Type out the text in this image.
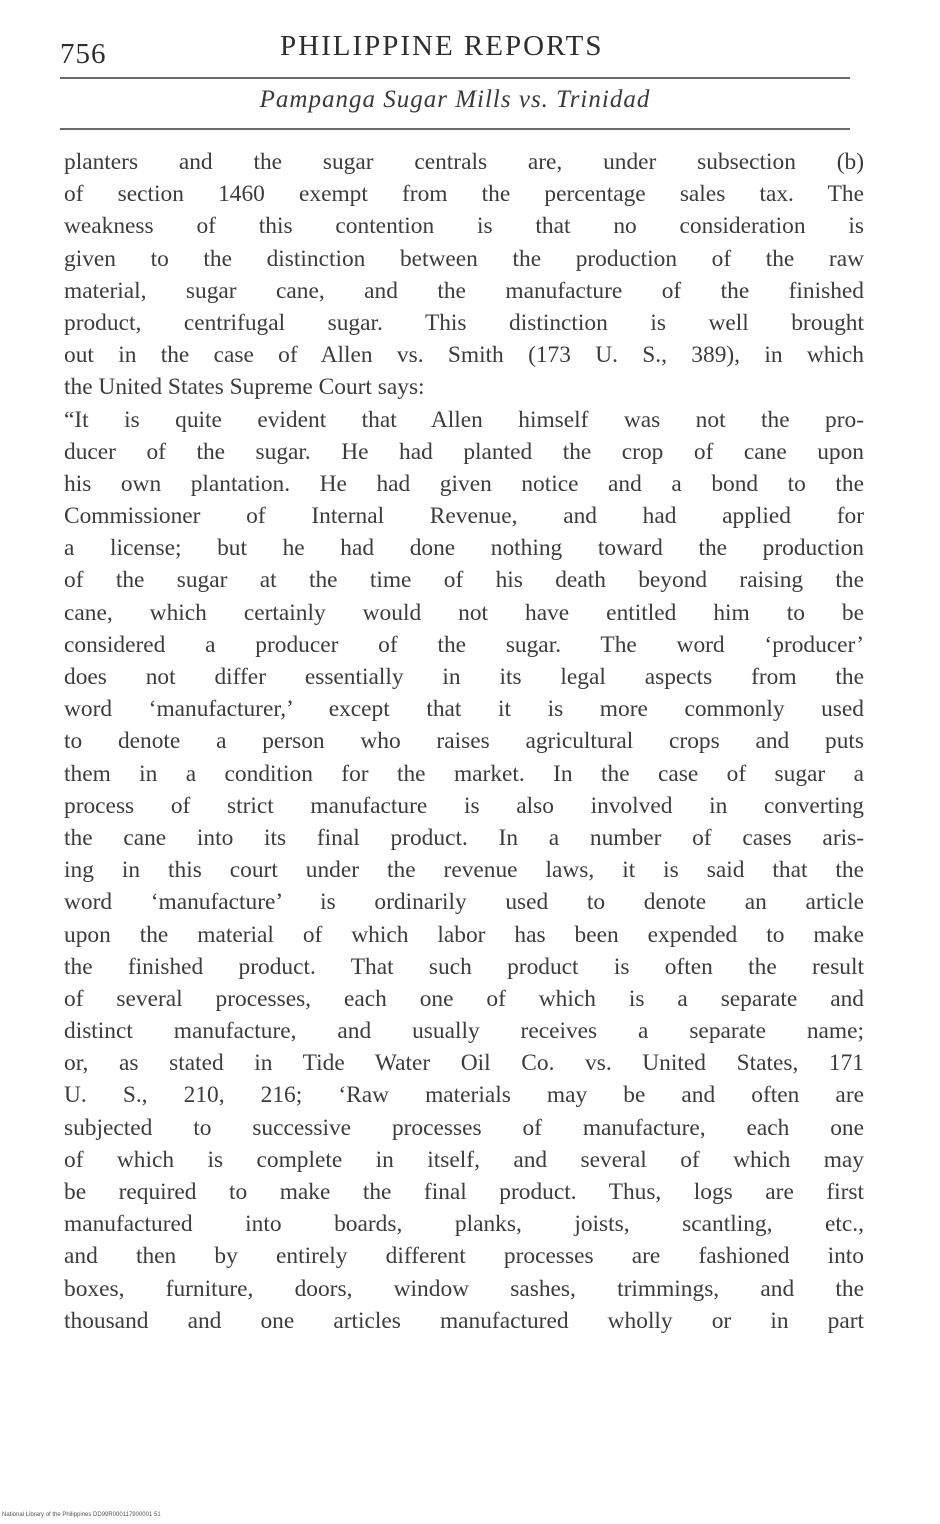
756	PHILIPPINE REPORTS
Pampanga Sugar Mills vs. Trinidad
planters and the sugar centrals are, under subsection (b)
of section 1460 exempt from the percentage sales tax. The
weakness of this contention is that no consideration is
given to the distinction between the production of the raw
material, sugar cane, and the manufacture of the finished
product, centrifugal sugar. This distinction is well brought
out in the case of Allen vs. Smith (173 U. S., 389), in which
the United States Supreme Court says:
“It is quite evident that Allen himself was not the pro-
ducer of the sugar. He had planted the crop of cane upon
his own plantation. He had given notice and a bond to the
Commissioner of Internal Revenue, and had applied for
a license; but he had done nothing toward the production
of the sugar at the time of his death beyond raising the
cane, which certainly would not have entitled him to be
considered a producer of the sugar. The word ‘producer’
does not differ essentially in its legal aspects from the
word ‘manufacturer,’ except that it is more commonly used
to denote a person who raises agricultural crops and puts
them in a condition for the market. In the case of sugar a
process of strict manufacture is also involved in converting
the cane into its final product. In a number of cases aris-
ing in this court under the revenue laws, it is said that the
word ‘manufacture’ is ordinarily used to denote an article
upon the material of which labor has been expended to make
the finished product. That such product is often the result
of several processes, each one of which is a separate and
distinct manufacture, and usually receives a separate name;
or, as stated in Tide Water Oil Co. vs. United States, 171
U. S., 210, 216; ‘Raw materials may be and often are
subjected to successive processes of manufacture, each one
of which is complete in itself, and several of which may
be required to make the final product. Thus, logs are first
manufactured into boards, planks, joists, scantling, etc.,
and then by entirely different processes are fashioned into
boxes, furniture, doors, window sashes, trimmings, and the
thousand and one articles manufactured wholly or in part
National Library of the Philippines DD99R000117900001 51
